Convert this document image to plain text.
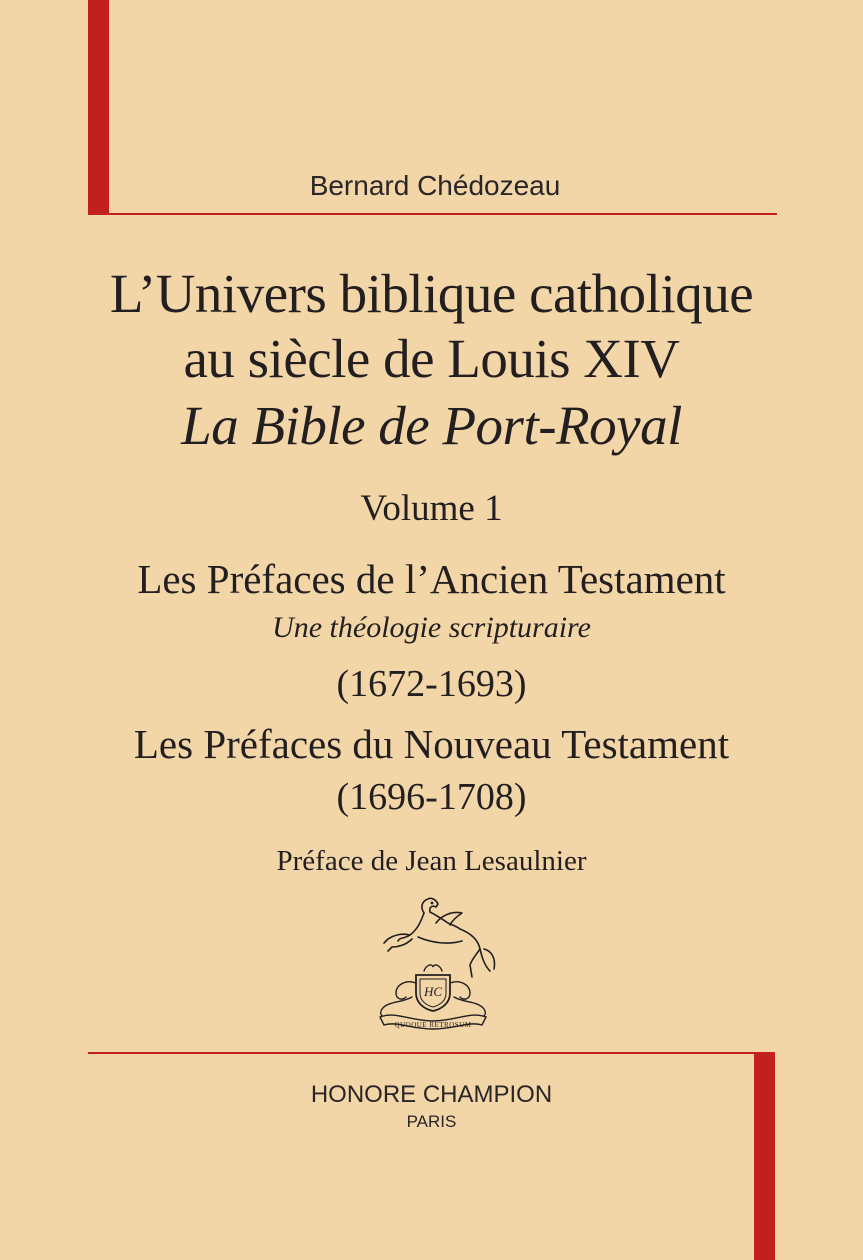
Bernard Chédozeau
L’Univers biblique catholique
au siècle de Louis XIV
La Bible de Port-Royal
Volume 1
Les Préfaces de l’Ancien Testament
Une théologie scripturaire
(1672-1693)
Les Préfaces du Nouveau Testament
(1696-1708)
Préface de Jean Lesaulnier
HC
QUOQUE RETROSUM
HONORE CHAMPION
PARIS
